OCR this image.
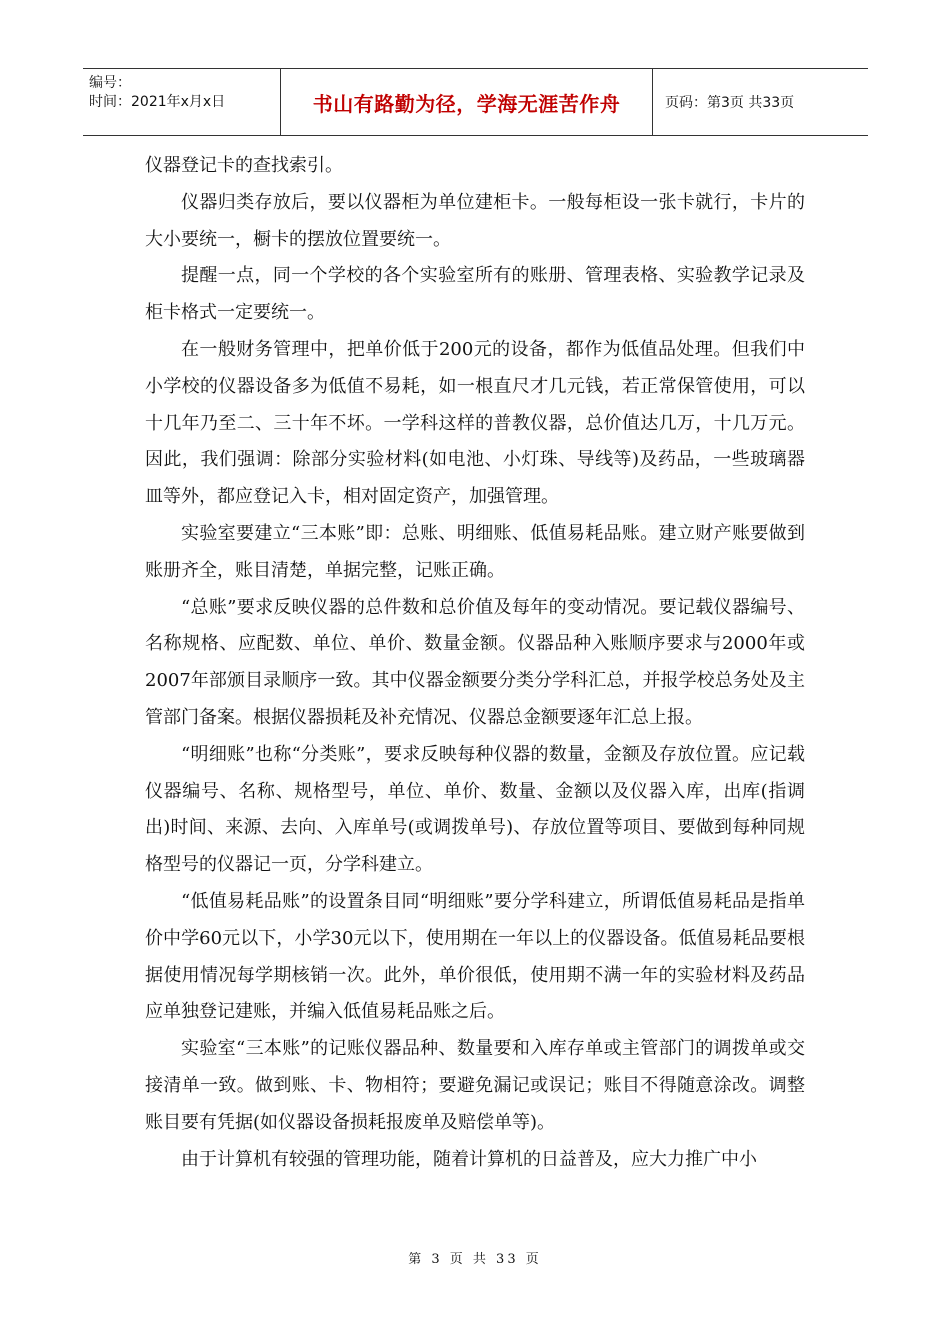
编号：
时间：2021年x月x日	书山有路勤为径，学海无涯苦作舟	页码：第3页 共33页

仪器登记卡的查找索引。

仪器归类存放后，要以仪器柜为单位建柜卡。一般每柜设一张卡就行，卡片的大小要统一，橱卡的摆放位置要统一。

提醒一点，同一个学校的各个实验室所有的账册、管理表格、实验教学记录及柜卡格式一定要统一。

在一般财务管理中，把单价低于200元的设备，都作为低值品处理。但我们中小学校的仪器设备多为低值不易耗，如一根直尺才几元钱，若正常保管使用，可以十几年乃至二、三十年不坏。一学科这样的普教仪器，总价值达几万，十几万元。因此，我们强调：除部分实验材料(如电池、小灯珠、导线等)及药品，一些玻璃器皿等外，都应登记入卡，相对固定资产，加强管理。

实验室要建立“三本账”即：总账、明细账、低值易耗品账。建立财产账要做到账册齐全，账目清楚，单据完整，记账正确。

“总账”要求反映仪器的总件数和总价值及每年的变动情况。要记载仪器编号、名称规格、应配数、单位、单价、数量金额。仪器品种入账顺序要求与2000年或2007年部颁目录顺序一致。其中仪器金额要分类分学科汇总，并报学校总务处及主管部门备案。根据仪器损耗及补充情况、仪器总金额要逐年汇总上报。

“明细账”也称“分类账”，要求反映每种仪器的数量，金额及存放位置。应记载仪器编号、名称、规格型号，单位、单价、数量、金额以及仪器入库，出库(指调出)时间、来源、去向、入库单号(或调拨单号)、存放位置等项目、要做到每种同规格型号的仪器记一页，分学科建立。

“低值易耗品账”的设置条目同“明细账”要分学科建立，所谓低值易耗品是指单价中学60元以下，小学30元以下，使用期在一年以上的仪器设备。低值易耗品要根据使用情况每学期核销一次。此外，单价很低，使用期不满一年的实验材料及药品应单独登记建账，并编入低值易耗品账之后。

实验室“三本账”的记账仪器品种、数量要和入库存单或主管部门的调拨单或交接清单一致。做到账、卡、物相符；要避免漏记或误记；账目不得随意涂改。调整账目要有凭据(如仪器设备损耗报废单及赔偿单等)。

由于计算机有较强的管理功能，随着计算机的日益普及，应大力推广中小

第 3 页 共 33 页
